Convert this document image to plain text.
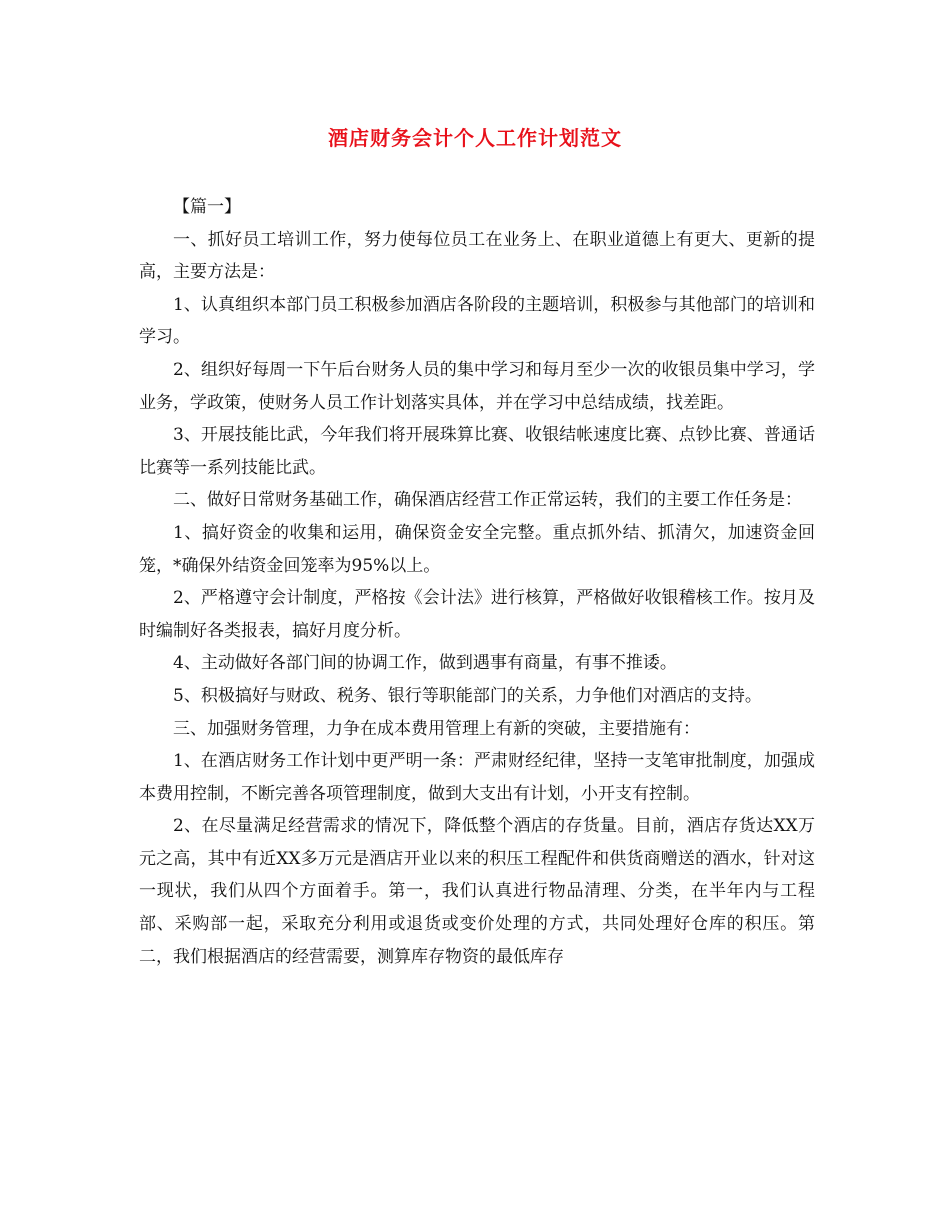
酒店财务会计个人工作计划范文

【篇一】

一、抓好员工培训工作，努力使每位员工在业务上、在职业道德上有更大、更新的提高，主要方法是：

1、认真组织本部门员工积极参加酒店各阶段的主题培训，积极参与其他部门的培训和学习。

2、组织好每周一下午后台财务人员的集中学习和每月至少一次的收银员集中学习，学业务，学政策，使财务人员工作计划落实具体，并在学习中总结成绩，找差距。

3、开展技能比武，今年我们将开展珠算比赛、收银结帐速度比赛、点钞比赛、普通话比赛等一系列技能比武。

二、做好日常财务基础工作，确保酒店经营工作正常运转，我们的主要工作任务是：

1、搞好资金的收集和运用，确保资金安全完整。重点抓外结、抓清欠，加速资金回笼，*确保外结资金回笼率为95%以上。

2、严格遵守会计制度，严格按《会计法》进行核算，严格做好收银稽核工作。按月及时编制好各类报表，搞好月度分析。

4、主动做好各部门间的协调工作，做到遇事有商量，有事不推诿。

5、积极搞好与财政、税务、银行等职能部门的关系，力争他们对酒店的支持。

三、加强财务管理，力争在成本费用管理上有新的突破，主要措施有：

1、在酒店财务工作计划中更严明一条：严肃财经纪律，坚持一支笔审批制度，加强成本费用控制，不断完善各项管理制度，做到大支出有计划，小开支有控制。

2、在尽量满足经营需求的情况下，降低整个酒店的存货量。目前，酒店存货达XX万元之高，其中有近XX多万元是酒店开业以来的积压工程配件和供货商赠送的酒水，针对这一现状，我们从四个方面着手。第一，我们认真进行物品清理、分类，在半年内与工程部、采购部一起，采取充分利用或退货或变价处理的方式，共同处理好仓库的积压。第二，我们根据酒店的经营需要，测算库存物资的最低库存
